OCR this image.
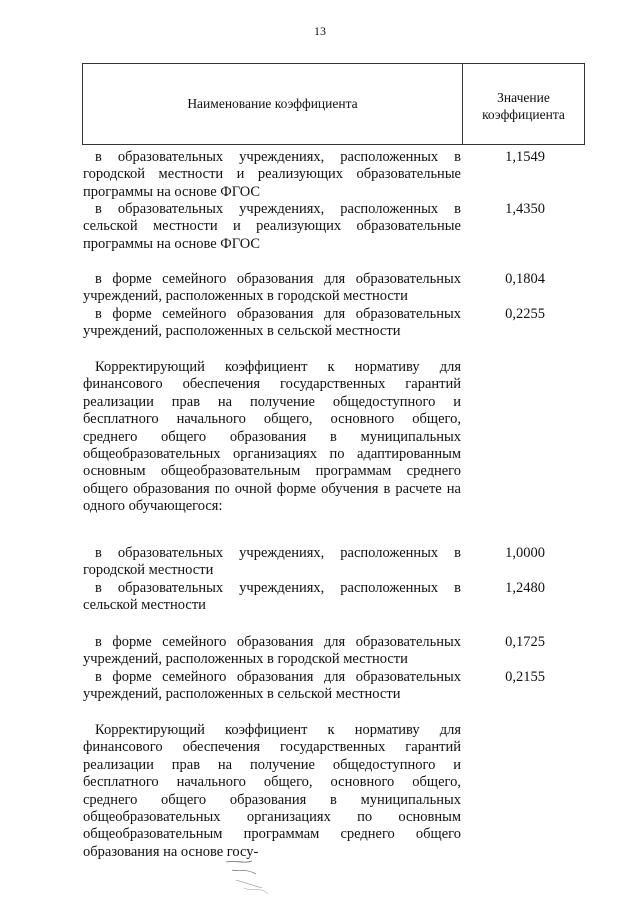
13
Наименование коэффициента	Значение коэффициента

в образовательных учреждениях, расположенных в городской местности и реализующих образовательные программы на основе ФГОС

1,1549

в образовательных учреждениях, расположенных в сельской местности и реализующих образовательные программы на основе ФГОС

1,4350

в форме семейного образования для образовательных учреждений, расположенных в городской местности

0,1804

в форме семейного образования для образовательных учреждений, расположенных в сельской местности

0,2255

Корректирующий коэффициент к нормативу для финансового обеспечения государственных гарантий реализации прав на получение общедоступного и бесплатного начального общего, основного общего, среднего общего образования в муниципальных общеобразовательных организациях по адаптированным основным общеобразовательным программам среднего общего образования по очной форме обучения в расчете на одного обучающегося:

в образовательных учреждениях, расположенных в городской местности

1,0000

в образовательных учреждениях, расположенных в сельской местности

1,2480

в форме семейного образования для образовательных учреждений, расположенных в городской местности

0,1725

в форме семейного образования для образовательных учреждений, расположенных в сельской местности

0,2155

Корректирующий коэффициент к нормативу для финансового обеспечения государственных гарантий реализации прав на получение общедоступного и бесплатного начального общего, основного общего, среднего общего образования в муниципальных общеобразовательных организациях по основным общеобразовательным программам среднего общего образования на основе госу-
